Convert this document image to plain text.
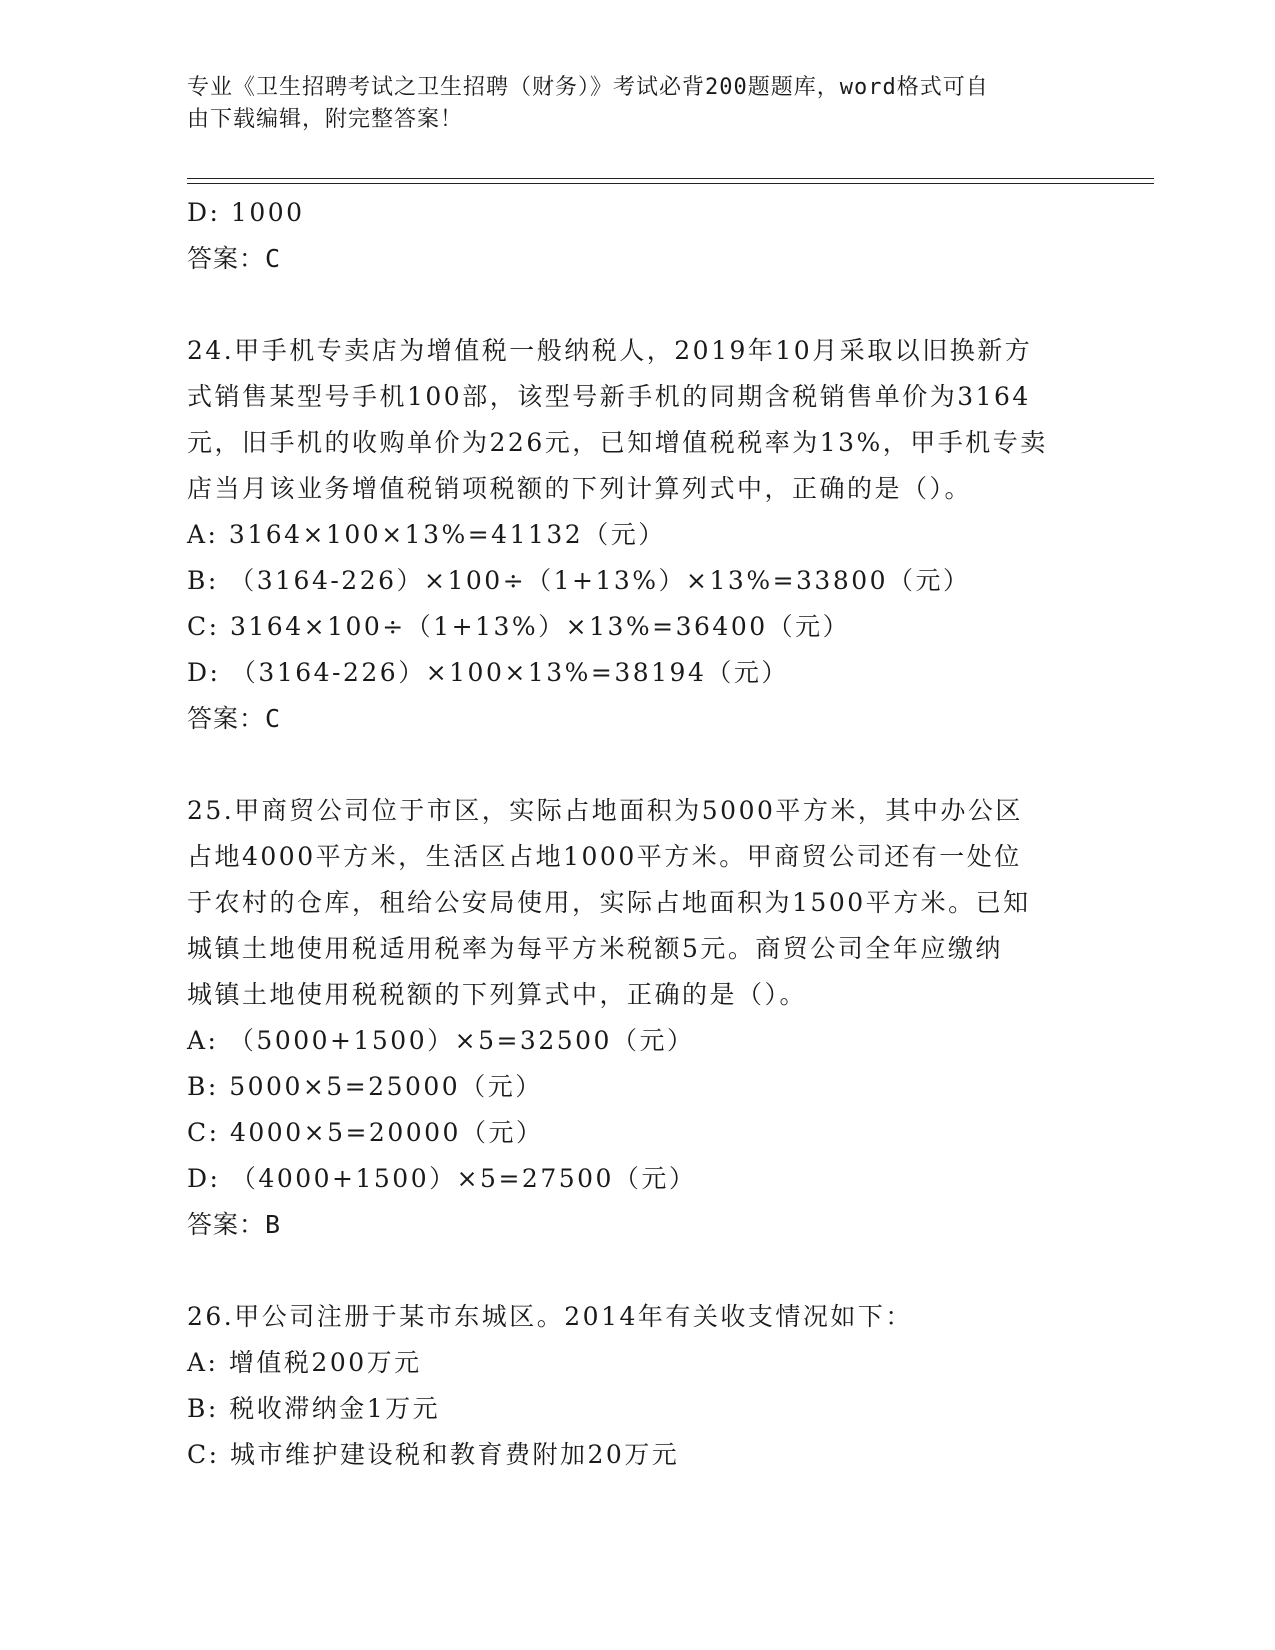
专业《卫生招聘考试之卫生招聘（财务）》考试必背200题题库，word格式可自
由下载编辑，附完整答案！
D: 1000
答案：C
24.甲手机专卖店为增值税一般纳税人，2019年10月采取以旧换新方
式销售某型号手机100部，该型号新手机的同期含税销售单价为3164
元，旧手机的收购单价为226元，已知增值税税率为13%，甲手机专卖
店当月该业务增值税销项税额的下列计算列式中，正确的是（）。
A: 3164×100×13%=41132（元）
B: （3164-226）×100÷（1+13%）×13%=33800（元）
C: 3164×100÷（1+13%）×13%=36400（元）
D: （3164-226）×100×13%=38194（元）
答案：C
25.甲商贸公司位于市区，实际占地面积为5000平方米，其中办公区
占地4000平方米，生活区占地1000平方米。甲商贸公司还有一处位
于农村的仓库，租给公安局使用，实际占地面积为1500平方米。已知
城镇土地使用税适用税率为每平方米税额5元。商贸公司全年应缴纳
城镇土地使用税税额的下列算式中，正确的是（）。
A: （5000+1500）×5=32500（元）
B: 5000×5=25000（元）
C: 4000×5=20000（元）
D: （4000+1500）×5=27500（元）
答案：B
26.甲公司注册于某市东城区。2014年有关收支情况如下：
A: 增值税200万元
B: 税收滞纳金1万元
C: 城市维护建设税和教育费附加20万元
